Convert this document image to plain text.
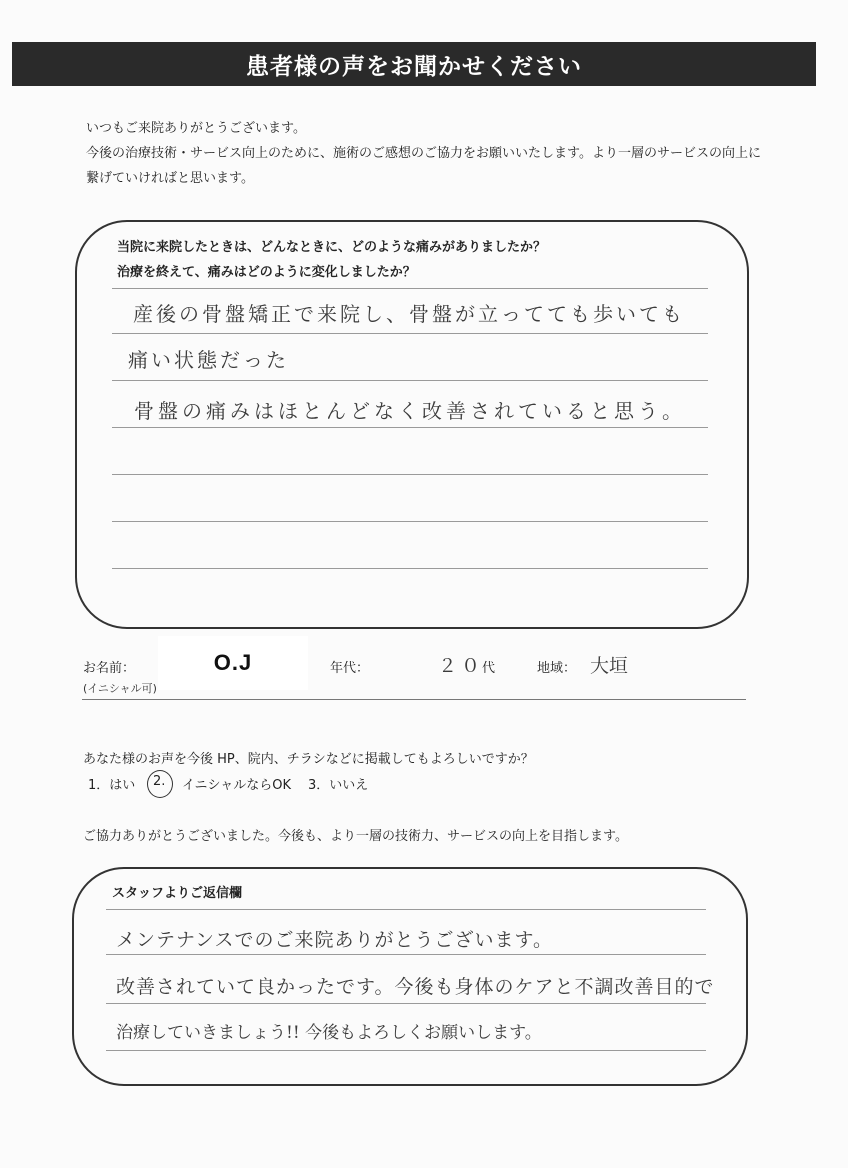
患者様の声をお聞かせください
いつもご来院ありがとうございます。
今後の治療技術・サービス向上のために、施術のご感想のご協力をお願いいたします。より一層のサービスの向上に
繋げていければと思います。
当院に来院したときは、どんなときに、どのような痛みがありましたか？
治療を終えて、痛みはどのように変化しましたか？
産後の骨盤矯正で来院し、骨盤が立ってても歩いても
痛い状態だった
骨盤の痛みはほとんどなく改善されていると思う。
お名前：
(イニシャル可)
O.J	年代：	２０
代	地域： 大垣
あなた様のお声を今後 HP、院内、チラシなどに掲載してもよろしいですか？
1．はい 2. イニシャルならOK 3．いいえ
ご協力ありがとうございました。今後も、より一層の技術力、サービスの向上を目指します。
スタッフよりご返信欄
メンテナンスでのご来院ありがとうございます。
改善されていて良かったです。今後も身体のケアと不調改善目的で
治療していきましょう!! 今後もよろしくお願いします。
